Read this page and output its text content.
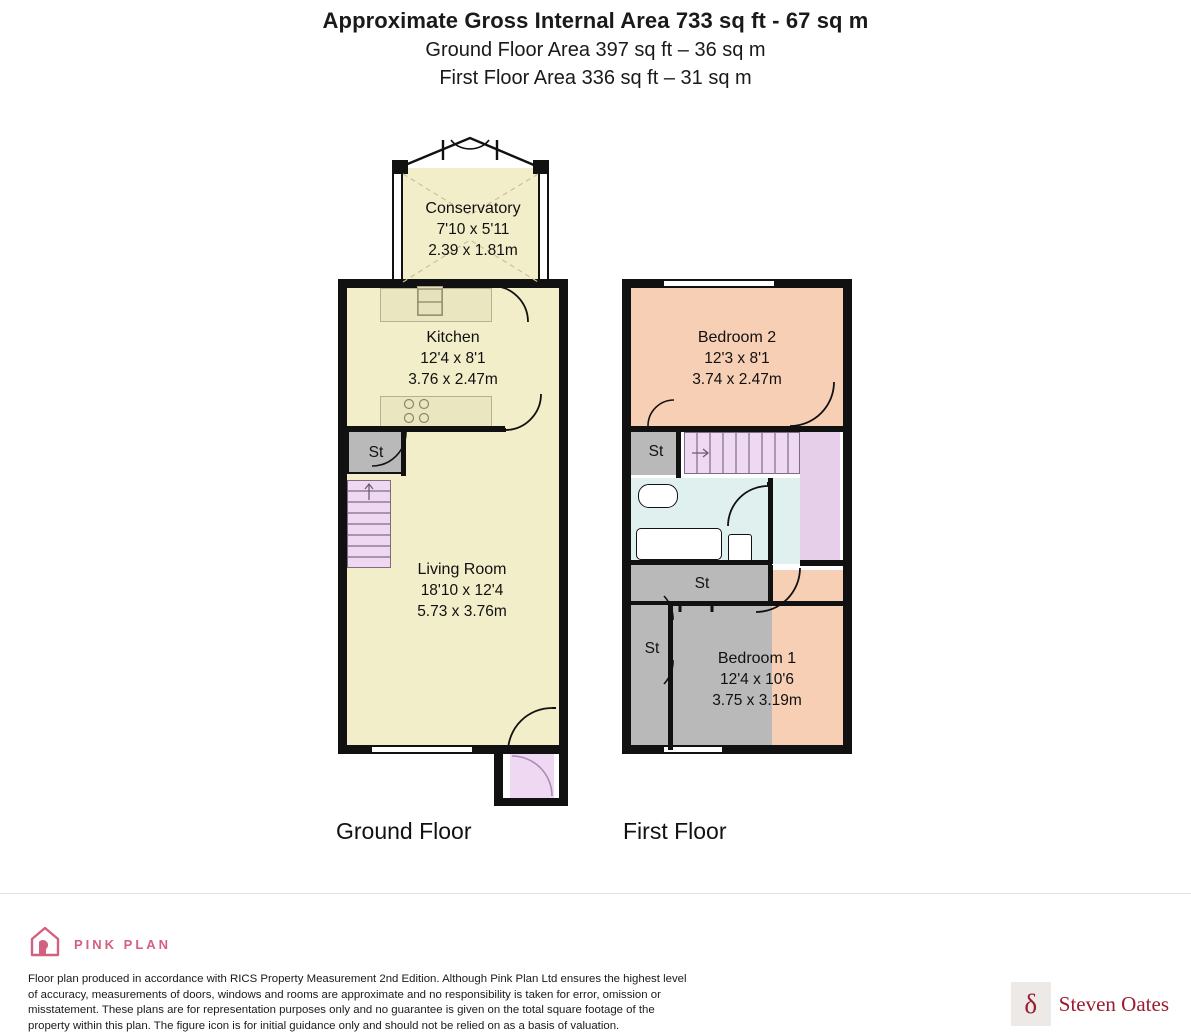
Approximate Gross Internal Area 733 sq ft - 67 sq m
Ground Floor Area 397 sq ft – 36 sq m
First Floor Area 336 sq ft – 31 sq m
Conservatory
7'10 x 5'11
2.39 x 1.81m
Kitchen
12'4 x 8'1
3.76 x 2.47m
Living Room
18'10 x 12'4
5.73 x 3.76m
St
Bedroom 2
12'3 x 8'1
3.74 x 2.47m
Bedroom 1
12'4 x 10'6
3.75 x 3.19m
St
St
St
Ground Floor	First Floor
PINK PLAN
Floor plan produced in accordance with RICS Property Measurement 2nd Edition. Although Pink Plan Ltd ensures the highest level of accuracy, measurements of doors, windows and rooms are approximate and no responsibility is taken for error, omission or misstatement. These plans are for representation purposes only and no guarantee is given on the total square footage of the property within this plan. The figure icon is for initial guidance only and should not be relied on as a basis of valuation.
δ Steven Oates
